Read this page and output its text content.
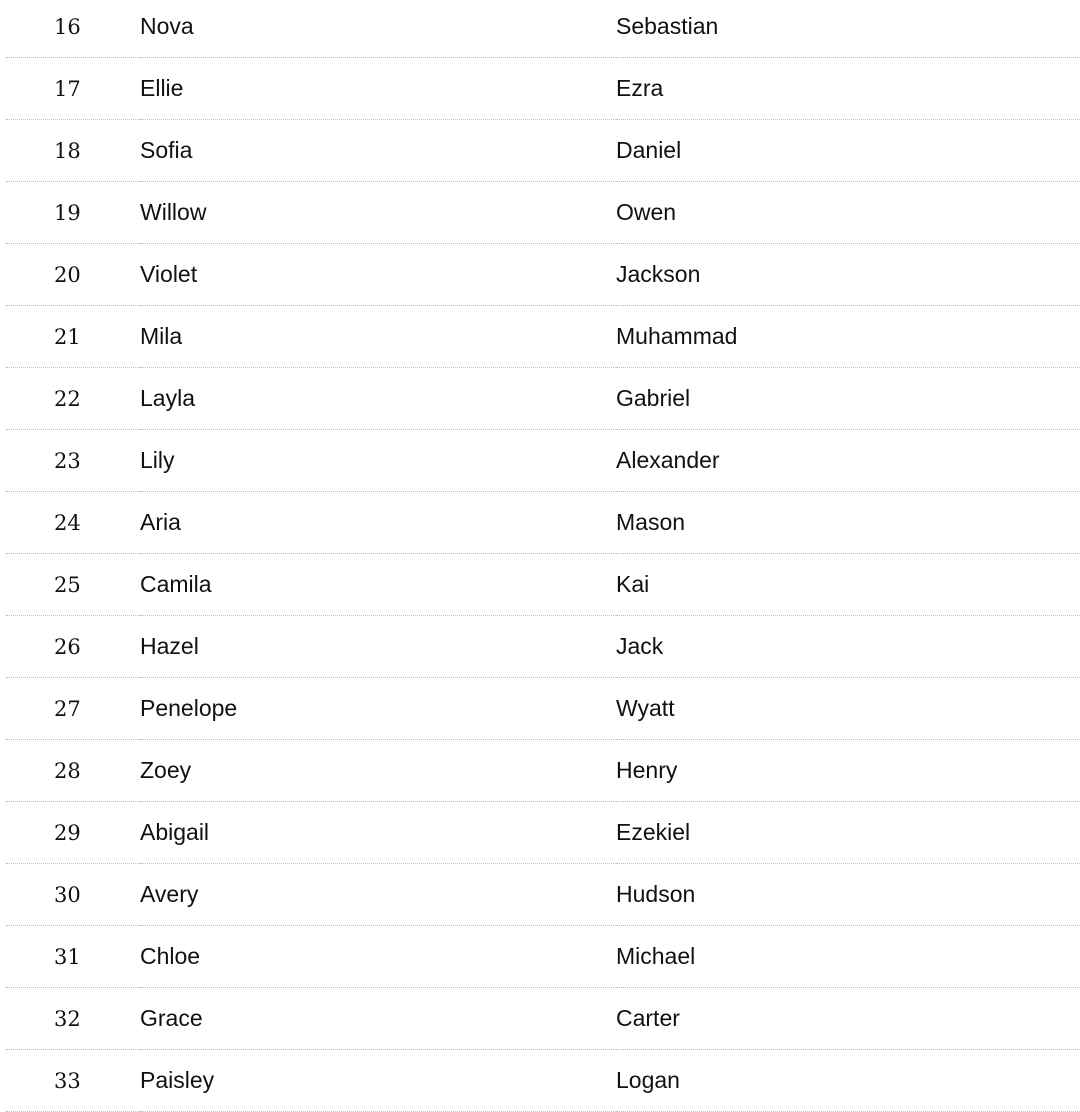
16	Nova	Sebastian
17	Ellie	Ezra
18	Sofia	Daniel
19	Willow	Owen
20	Violet	Jackson
21	Mila	Muhammad
22	Layla	Gabriel
23	Lily	Alexander
24	Aria	Mason
25	Camila	Kai
26	Hazel	Jack
27	Penelope	Wyatt
28	Zoey	Henry
29	Abigail	Ezekiel
30	Avery	Hudson
31	Chloe	Michael
32	Grace	Carter
33	Paisley	Logan
